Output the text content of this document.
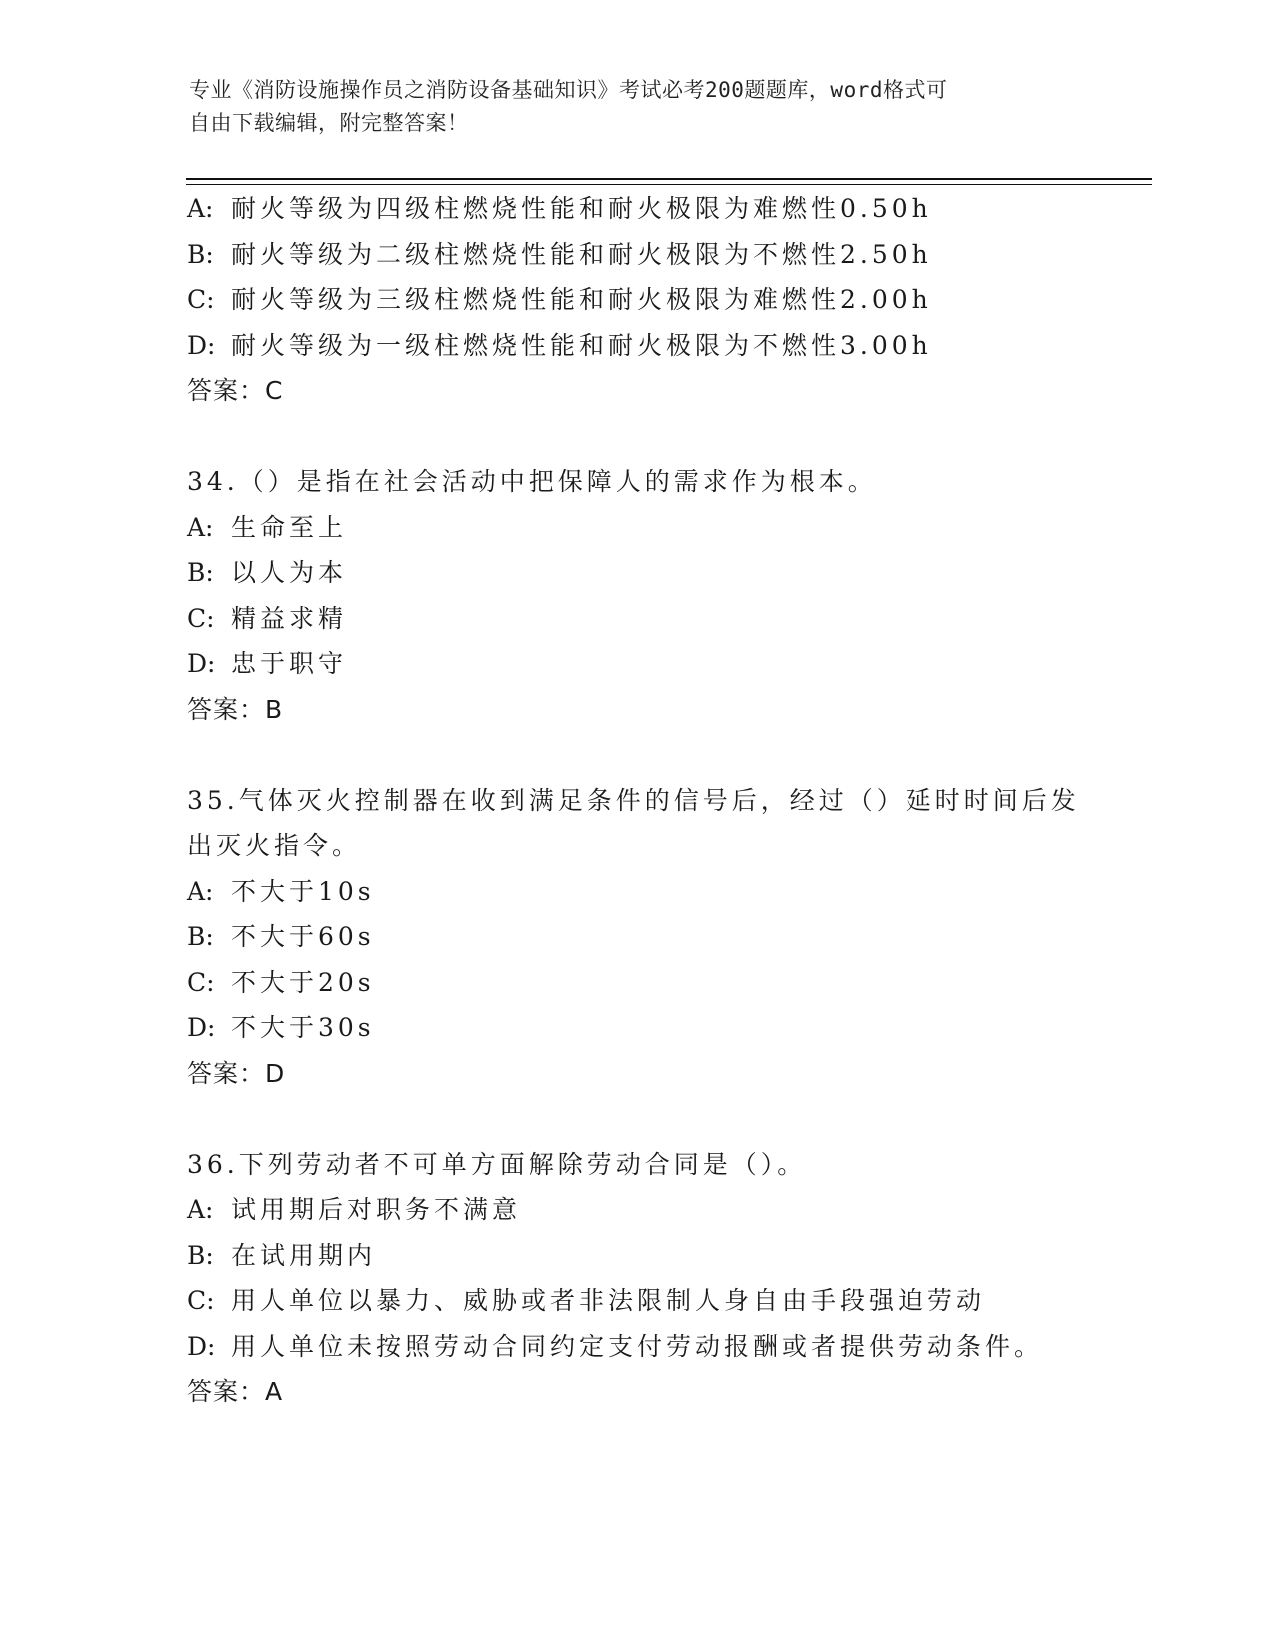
专业《消防设施操作员之消防设备基础知识》考试必考200题题库，word格式可
自由下载编辑，附完整答案！
A: 耐火等级为四级柱燃烧性能和耐火极限为难燃性0.50h
B: 耐火等级为二级柱燃烧性能和耐火极限为不燃性2.50h
C: 耐火等级为三级柱燃烧性能和耐火极限为难燃性2.00h
D: 耐火等级为一级柱燃烧性能和耐火极限为不燃性3.00h
答案：C
34.（）是指在社会活动中把保障人的需求作为根本。
A: 生命至上
B: 以人为本
C: 精益求精
D: 忠于职守
答案：B
35.气体灭火控制器在收到满足条件的信号后，经过（）延时时间后发出灭火指令。
A: 不大于10s
B: 不大于60s
C: 不大于20s
D: 不大于30s
答案：D
36.下列劳动者不可单方面解除劳动合同是（）。
A: 试用期后对职务不满意
B: 在试用期内
C: 用人单位以暴力、威胁或者非法限制人身自由手段强迫劳动
D: 用人单位未按照劳动合同约定支付劳动报酬或者提供劳动条件。
答案：A
